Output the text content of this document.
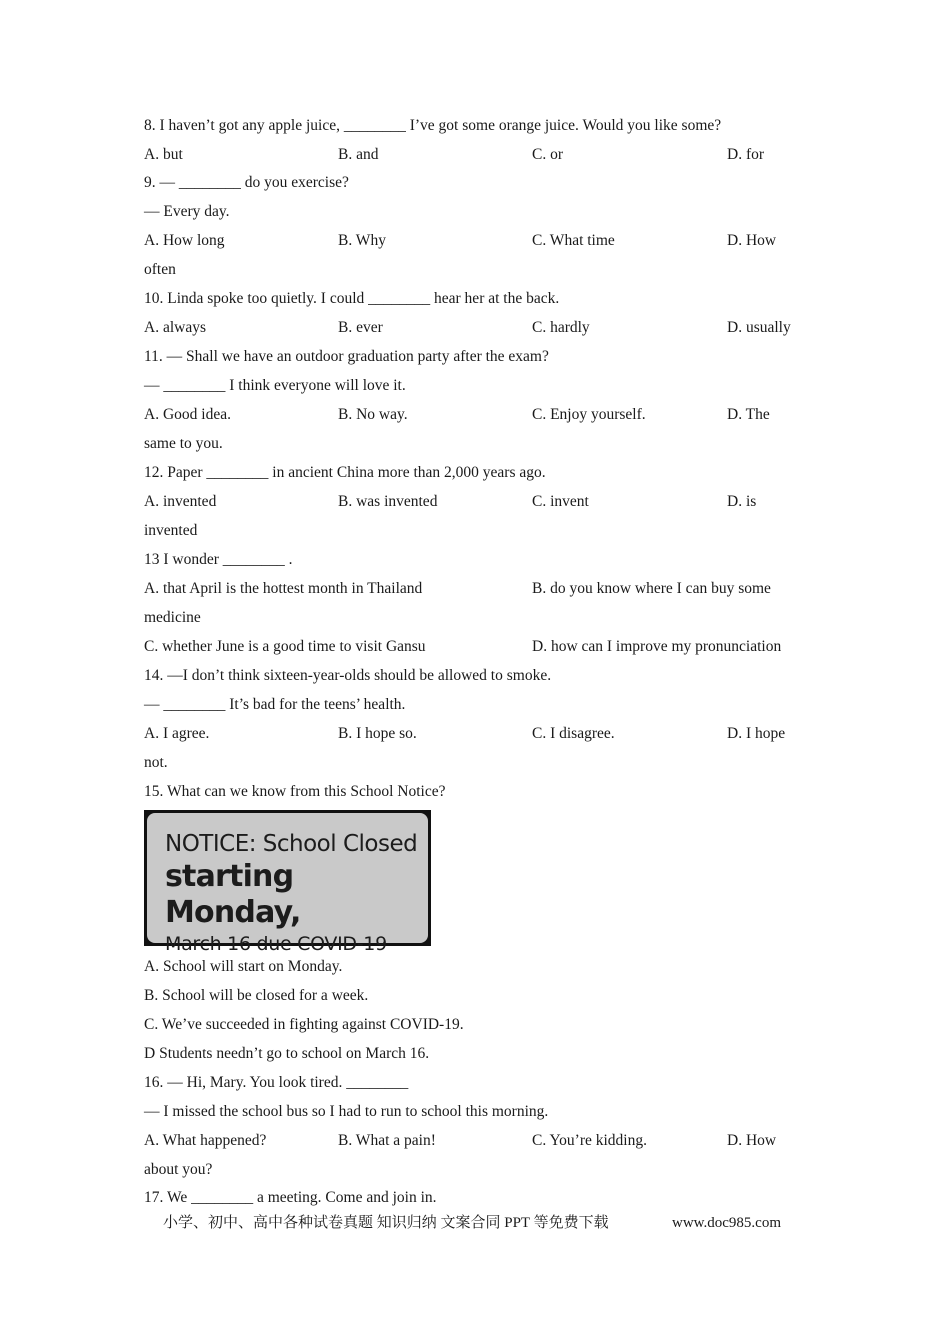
8. I haven’t got any apple juice, ________ I’ve got some orange juice. Would you like some?
A. but	B. and	C. or	D. for
9. — ________ do you exercise?
— Every day.
A. How long	B. Why	C. What time	D. How
often
10. Linda spoke too quietly. I could ________ hear her at the back.
A. always	B. ever	C. hardly	D. usually
11. — Shall we have an outdoor graduation party after the exam?
— ________ I think everyone will love it.
A. Good idea.	B. No way.	C. Enjoy yourself.	D. The
same to you.
12. Paper ________ in ancient China more than 2,000 years ago.
A. invented	B. was invented	C. invent	D. is
invented
13 I wonder ________ .
A. that April is the hottest month in Thailand	B. do you know where I can buy some
medicine
C. whether June is a good time to visit Gansu	D. how can I improve my pronunciation
14. —I don’t think sixteen-year-olds should be allowed to smoke.
— ________ It’s bad for the teens’ health.
A. I agree.	B. I hope so.	C. I disagree.	D. I hope
not.
15. What can we know from this School Notice?
NOTICE: School Closed
starting Monday,
March 16 due COVID-19
A. School will start on Monday.
B. School will be closed for a week.
C. We’ve succeeded in fighting against COVID-19.
D Students needn’t go to school on March 16.
16. — Hi, Mary. You look tired. ________
— I missed the school bus so I had to run to school this morning.
A. What happened?	B. What a pain!	C. You’re kidding.	D. How
about you?
17. We ________ a meeting. Come and join in.
小学、初中、高中各种试卷真题 知识归纳 文案合同 PPT 等免费下载	www.doc985.com
